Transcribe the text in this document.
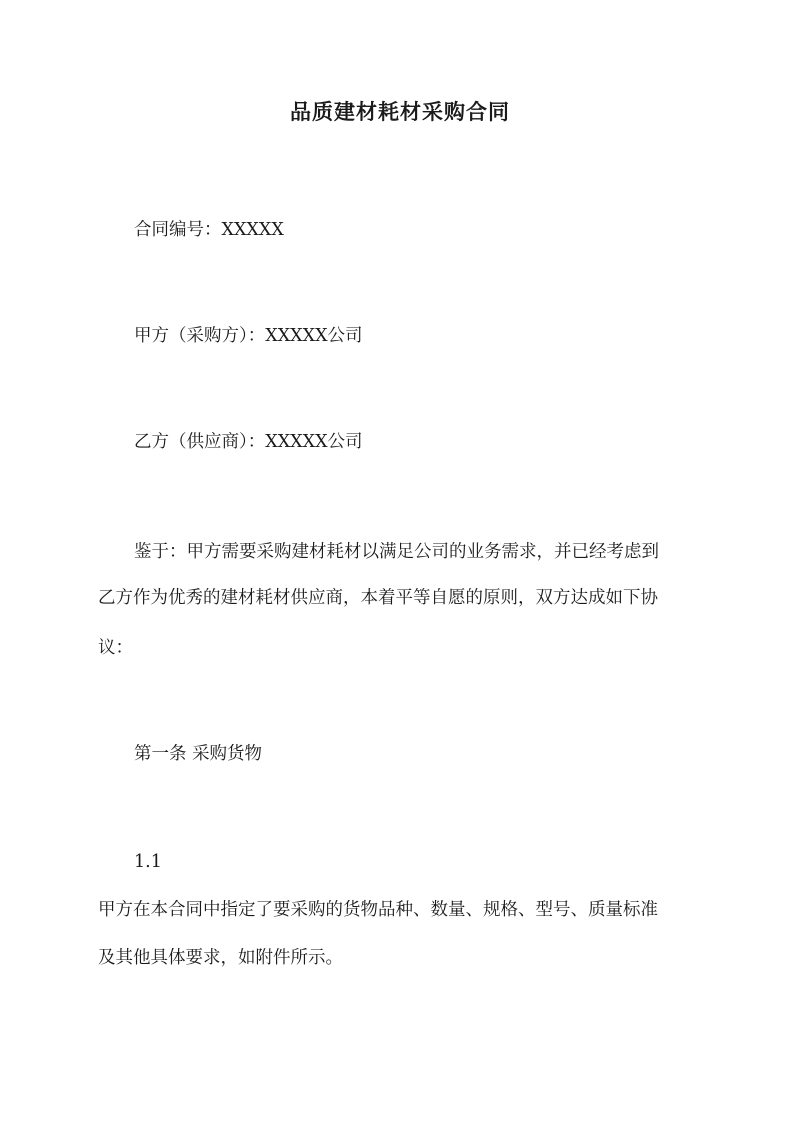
品质建材耗材采购合同

合同编号：XXXXX

甲方（采购方）：XXXXX公司

乙方（供应商）：XXXXX公司

鉴于：甲方需要采购建材耗材以满足公司的业务需求，并已经考虑到

乙方作为优秀的建材耗材供应商，本着平等自愿的原则，双方达成如下协

议：

第一条 采购货物

1.1

甲方在本合同中指定了要采购的货物品种、数量、规格、型号、质量标准

及其他具体要求，如附件所示。
